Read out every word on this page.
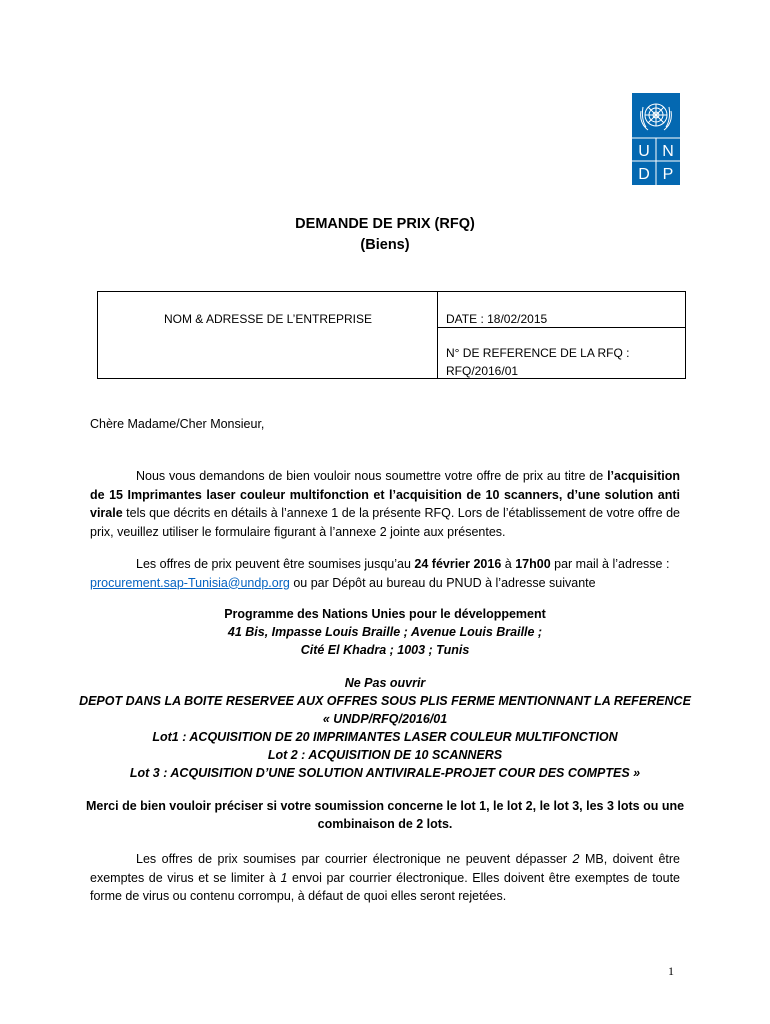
U N
D P
DEMANDE DE PRIX (RFQ)
(Biens)
NOM & ADRESSE DE L’ENTREPRISE	DATE : 18/02/2015
N° DE REFERENCE DE LA RFQ :
RFQ/2016/01
Chère Madame/Cher Monsieur,
Nous vous demandons de bien vouloir nous soumettre votre offre de prix au titre de l’acquisition de 15 Imprimantes laser couleur multifonction et l’acquisition de 10 scanners, d’une solution anti virale tels que décrits en détails à l’annexe 1 de la présente RFQ. Lors de l’établissement de votre offre de prix, veuillez utiliser le formulaire figurant à l’annexe 2 jointe aux présentes.
Les offres de prix peuvent être soumises jusqu’au 24 février 2016 à 17h00 par mail à l’adresse :
procurement.sap-Tunisia@undp.org ou par Dépôt au bureau du PNUD à l’adresse suivante
Programme des Nations Unies pour le développement
41 Bis, Impasse Louis Braille ; Avenue Louis Braille ;
Cité El Khadra ; 1003 ; Tunis
Ne Pas ouvrir
DEPOT DANS LA BOITE RESERVEE AUX OFFRES SOUS PLIS FERME MENTIONNANT LA REFERENCE
« UNDP/RFQ/2016/01
Lot1 : ACQUISITION DE 20 IMPRIMANTES LASER COULEUR MULTIFONCTION
Lot 2 : ACQUISITION DE 10 SCANNERS
Lot 3 : ACQUISITION D’UNE SOLUTION ANTIVIRALE-PROJET COUR DES COMPTES »
Merci de bien vouloir préciser si votre soumission concerne le lot 1, le lot 2, le lot 3, les 3 lots ou une
combinaison de 2 lots.
Les offres de prix soumises par courrier électronique ne peuvent dépasser 2 MB, doivent être exemptes de virus et se limiter à 1 envoi par courrier électronique. Elles doivent être exemptes de toute forme de virus ou contenu corrompu, à défaut de quoi elles seront rejetées.
1
